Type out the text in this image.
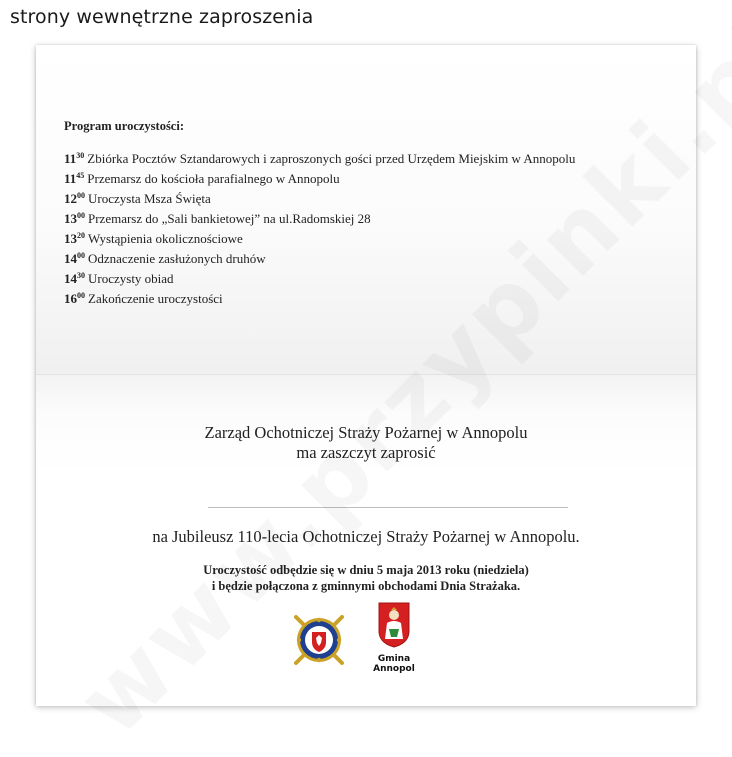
strony wewnętrzne zaproszenia
Program uroczystości:
$11^{30}$ Zbiórka Pocztów Sztandarowych i zaproszonych gości przed Urzędem Miejskim w Annopolu
$11^{45}$ Przemarsz do kościoła parafialnego w Annopolu
$12^{00}$ Uroczysta Msza Święta
$13^{00}$ Przemarsz do „Sali bankietowej” na ul.Radomskiej 28
$13^{20}$ Wystąpienia okolicznościowe
$14^{00}$ Odznaczenie zasłużonych druhów
$14^{30}$ Uroczysty obiad
$16^{00}$ Zakończenie uroczystości
Zarząd Ochotniczej Straży Pożarnej w Annopolu
ma zaszczyt zaprosić
na Jubileusz 110-lecia Ochotniczej Straży Pożarnej w Annopolu.
Uroczystość odbędzie się w dniu 5 maja 2013 roku (niedziela)
i będzie połączona z gminnymi obchodami Dnia Strażaka.
Gmina
Annopol
